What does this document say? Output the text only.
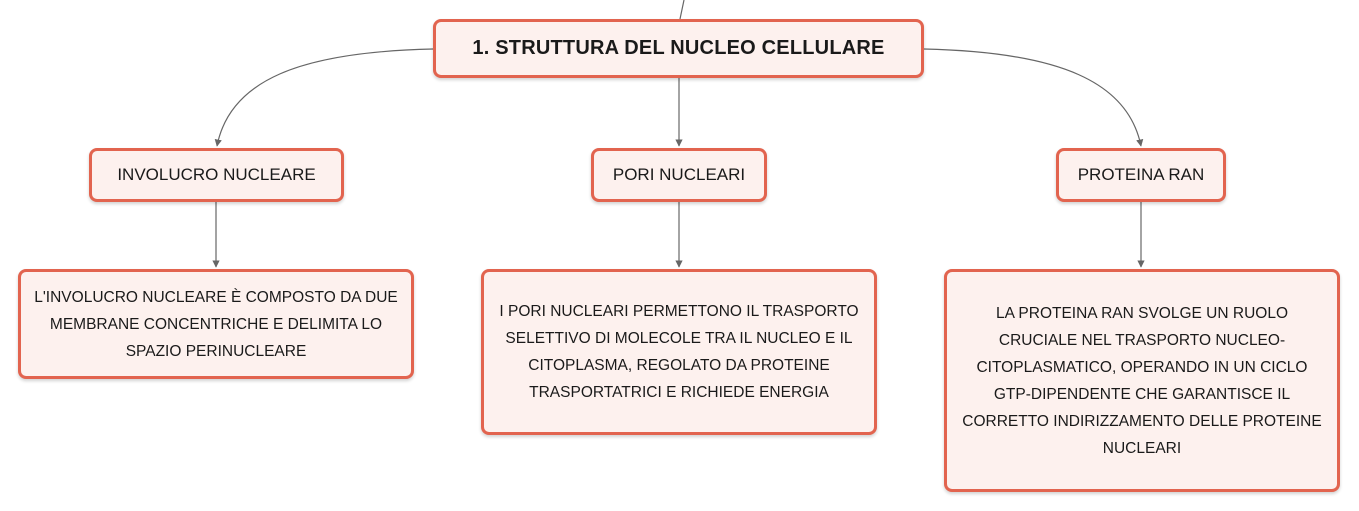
1. STRUTTURA DEL NUCLEO CELLULARE
INVOLUCRO NUCLEARE	PORI NUCLEARI	PROTEINA RAN
L'INVOLUCRO NUCLEARE È COMPOSTO DA DUE MEMBRANE CONCENTRICHE E DELIMITA LO SPAZIO PERINUCLEARE
I PORI NUCLEARI PERMETTONO IL TRASPORTO SELETTIVO DI MOLECOLE TRA IL NUCLEO E IL CITOPLASMA, REGOLATO DA PROTEINE TRASPORTATRICI E RICHIEDE ENERGIA
LA PROTEINA RAN SVOLGE UN RUOLO CRUCIALE NEL TRASPORTO NUCLEO-CITOPLASMATICO, OPERANDO IN UN CICLO GTP-DIPENDENTE CHE GARANTISCE IL CORRETTO INDIRIZZAMENTO DELLE PROTEINE NUCLEARI
